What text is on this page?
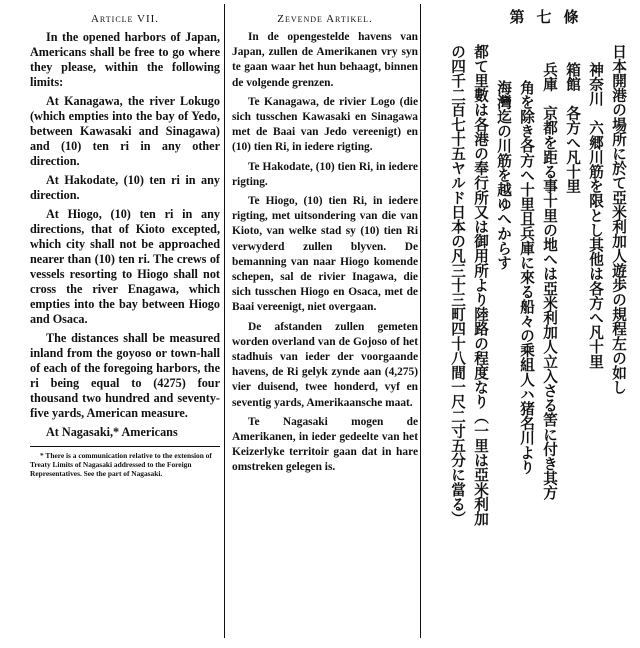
Article VII.

In the opened harbors of Japan, Americans shall be free to go where they please, within the following limits:

At Kanagawa, the river Lokugo (which empties into the bay of Yedo, between Kawasaki and Sinagawa) and (10) ten ri in any other direction.

At Hakodate, (10) ten ri in any direction.

At Hiogo, (10) ten ri in any directions, that of Kioto excepted, which city shall not be approached nearer than (10) ten ri. The crews of vessels resorting to Hiogo shall not cross the river Enagawa, which empties into the bay between Hiogo and Osaca.

The distances shall be measured inland from the goyoso or town-hall of each of the foregoing harbors, the ri being equal to (4275) four thousand two hundred and seventy-five yards, American measure.

At Nagasaki,* Americans

* There is a communication relative to the extension of Treaty Limits of Nagasaki addressed to the Foreign Representatives. See the part of Nagasaki.
Zevende Artikel.

In de opengestelde havens van Japan, zullen de Amerikanen vry syn te gaan waar het hun behaagt, binnen de volgende grenzen.

Te Kanagawa, de rivier Logo (die sich tusschen Kawasaki en Sinagawa met de Baai van Jedo vereenigt) en (10) tien Ri, in iedere rigting.

Te Hakodate, (10) tien Ri, in iedere rigting.

Te Hiogo, (10) tien Ri, in iedere rigting, met uitsondering van die van Kioto, van welke stad sy (10) tien Ri verwyderd zullen blyven. De bemanning van naar Hiogo komende schepen, sal de rivier Inagawa, die sich tusschen Hiogo en Osaca, met de Baai vereenigt, niet overgaan.

De afstanden zullen gemeten worden overland van de Gojoso of het stadhuis van ieder der voorgaande havens, de Ri gelyk zynde aan (4,275) vier duisend, twee honderd, vyf en seventig yards, Amerikaansche maat.

Te Nagasaki mogen de Amerikanen, in ieder gedeelte van het Keizerlyke territoir gaan dat in hare omstreken gelegen is.

第七條
日本開港の場所に於て亞米利加人遊歩の規程左の如し
神奈川　六郷川筋を限とし其他は各方へ凡十里
箱館　各方へ凡十里
兵庫　京都を距る事十里の地へは亞米利加人立入さる筈に付き其方
角を除き各方へ十里且兵庫に來る船々の乘組人ハ猪名川より
海灣迄の川筋を越ゆへからす
都て里數は各港の奉行所又は御用所より陸路の程度なり（一里は亞米利加
の四千二百七十五ヤルド日本の凡三十三町四十八間一尺二寸五分に當る）
